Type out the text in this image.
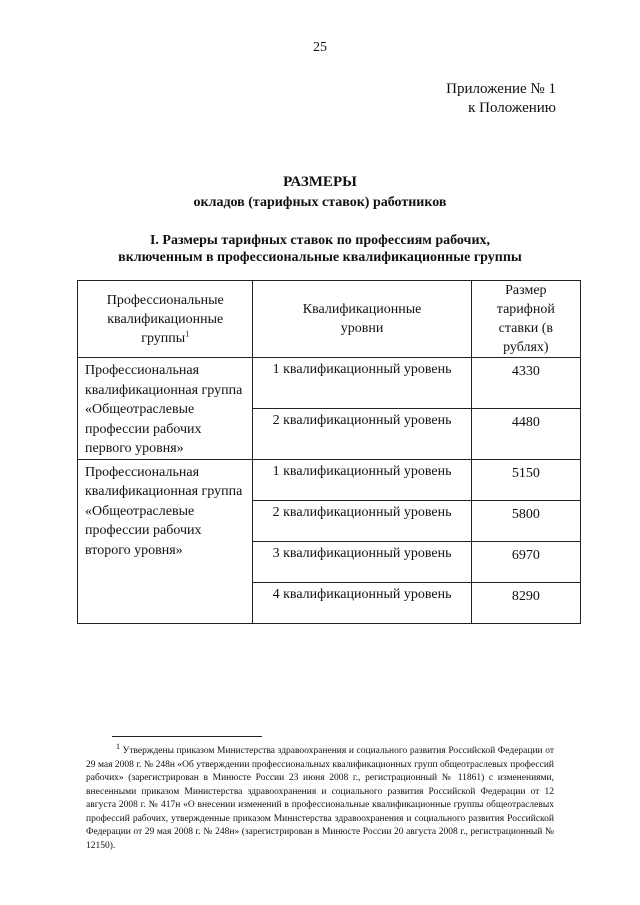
25
Приложение № 1
к Положению
РАЗМЕРЫ
окладов (тарифных ставок) работников
I. Размеры тарифных ставок по профессиям рабочих,
включенным в профессиональные квалификационные группы
Профессиональные квалификационные группы$^1$	Квалификационные уровни	Размер тарифной ставки (в рублях)
Профессиональная квалификационная группа «Общеотраслевые профессии рабочих первого уровня»	1 квалификационный уровень	4330
	2 квалификационный уровень	4480
Профессиональная квалификационная группа «Общеотраслевые профессии рабочих второго уровня»	1 квалификационный уровень	5150
	2 квалификационный уровень	5800
	3 квалификационный уровень	6970
	4 квалификационный уровень	8290
$^1$ Утверждены приказом Министерства здравоохранения и социального развития Российской Федерации от 29 мая 2008 г. № 248н «Об утверждении профессиональных квалификационных групп общеотраслевых профессий рабочих» (зарегистрирован в Минюсте России 23 июня 2008 г., регистрационный № 11861) с изменениями, внесенными приказом Министерства здравоохранения и социального развития Российской Федерации от 12 августа 2008 г. № 417н «О внесении изменений в профессиональные квалификационные группы общеотраслевых профессий рабочих, утвержденные приказом Министерства здравоохранения и социального развития Российской Федерации от 29 мая 2008 г. № 248н» (зарегистрирован в Минюсте России 20 августа 2008 г., регистрационный № 12150).
